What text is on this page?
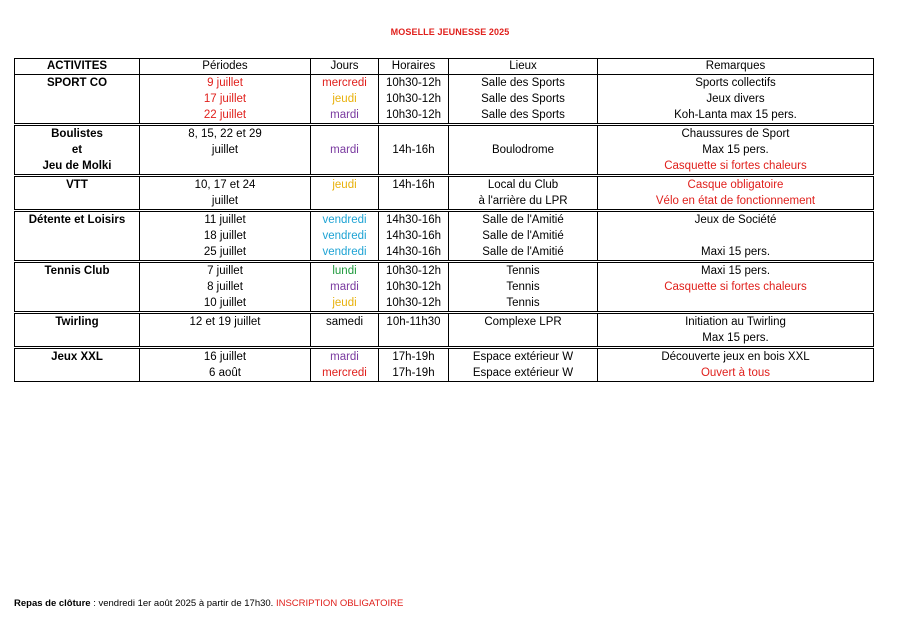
MOSELLE JEUNESSE 2025
ACTIVITES	Périodes	Jours	Horaires	Lieux	Remarques
SPORT CO	9 juillet	mercredi	10h30-12h	Salle des Sports	Sports collectifs
	17 juillet	jeudi	10h30-12h	Salle des Sports	Jeux divers
	22 juillet	mardi	10h30-12h	Salle des Sports	Koh-Lanta max 15 pers.
Boulistes	8, 15, 22 et 29				Chaussures de Sport
et	juillet	mardi	14h-16h	Boulodrome	Max 15 pers.
Jeu de Molki					Casquette si fortes chaleurs
VTT	10, 17 et 24	jeudi	14h-16h	Local du Club	Casque obligatoire
	juillet			à l'arrière du LPR	Vélo en état de fonctionnement
Détente et Loisirs	11 juillet	vendredi	14h30-16h	Salle de l'Amitié	Jeux de Société
	18 juillet	vendredi	14h30-16h	Salle de l'Amitié	
	25 juillet	vendredi	14h30-16h	Salle de l'Amitié	Maxi 15 pers.
Tennis Club	7 juillet	lundi	10h30-12h	Tennis	Maxi 15 pers.
	8 juillet	mardi	10h30-12h	Tennis	Casquette si fortes chaleurs
	10 juillet	jeudi	10h30-12h	Tennis	
Twirling	12 et 19 juillet	samedi	10h-11h30	Complexe LPR	Initiation au Twirling
					Max 15 pers.
Jeux XXL	16 juillet	mardi	17h-19h	Espace extérieur W	Découverte jeux en bois XXL
	6 août	mercredi	17h-19h	Espace extérieur W	Ouvert à tous
Repas de clôture : vendredi 1er août 2025 à partir de 17h30. INSCRIPTION OBLIGATOIRE
